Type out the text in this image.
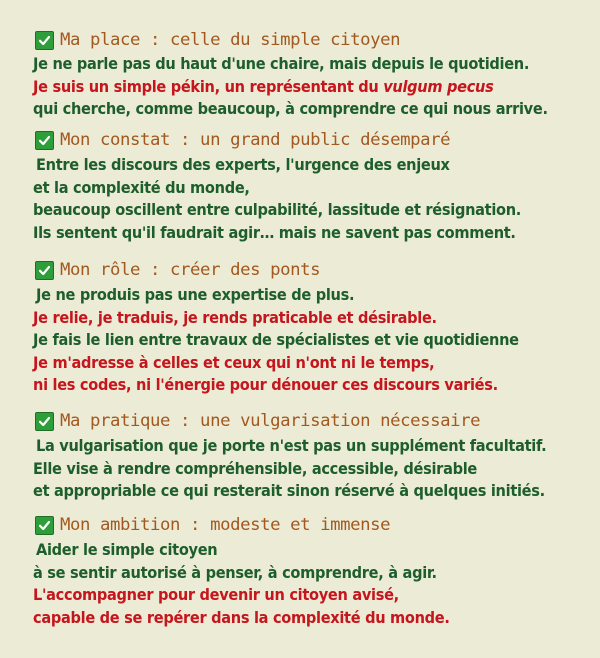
Ma place : celle du simple citoyen
Je ne parle pas du haut d'une chaire, mais depuis le quotidien.
Je suis un simple pékin, un représentant du vulgum pecus
qui cherche, comme beaucoup, à comprendre ce qui nous arrive.
Mon constat : un grand public désemparé
Entre les discours des experts, l'urgence des enjeux
et la complexité du monde,
beaucoup oscillent entre culpabilité, lassitude et résignation.
Ils sentent qu'il faudrait agir… mais ne savent pas comment.
Mon rôle : créer des ponts
Je ne produis pas une expertise de plus.
Je relie, je traduis, je rends praticable et désirable.
Je fais le lien entre travaux de spécialistes et vie quotidienne
Je m'adresse à celles et ceux qui n'ont ni le temps,
ni les codes, ni l'énergie pour dénouer ces discours variés.
Ma pratique : une vulgarisation nécessaire
La vulgarisation que je porte n'est pas un supplément facultatif.
Elle vise à rendre compréhensible, accessible, désirable
et appropriable ce qui resterait sinon réservé à quelques initiés.
Mon ambition : modeste et immense
Aider le simple citoyen
à se sentir autorisé à penser, à comprendre, à agir.
L'accompagner pour devenir un citoyen avisé,
capable de se repérer dans la complexité du monde.
